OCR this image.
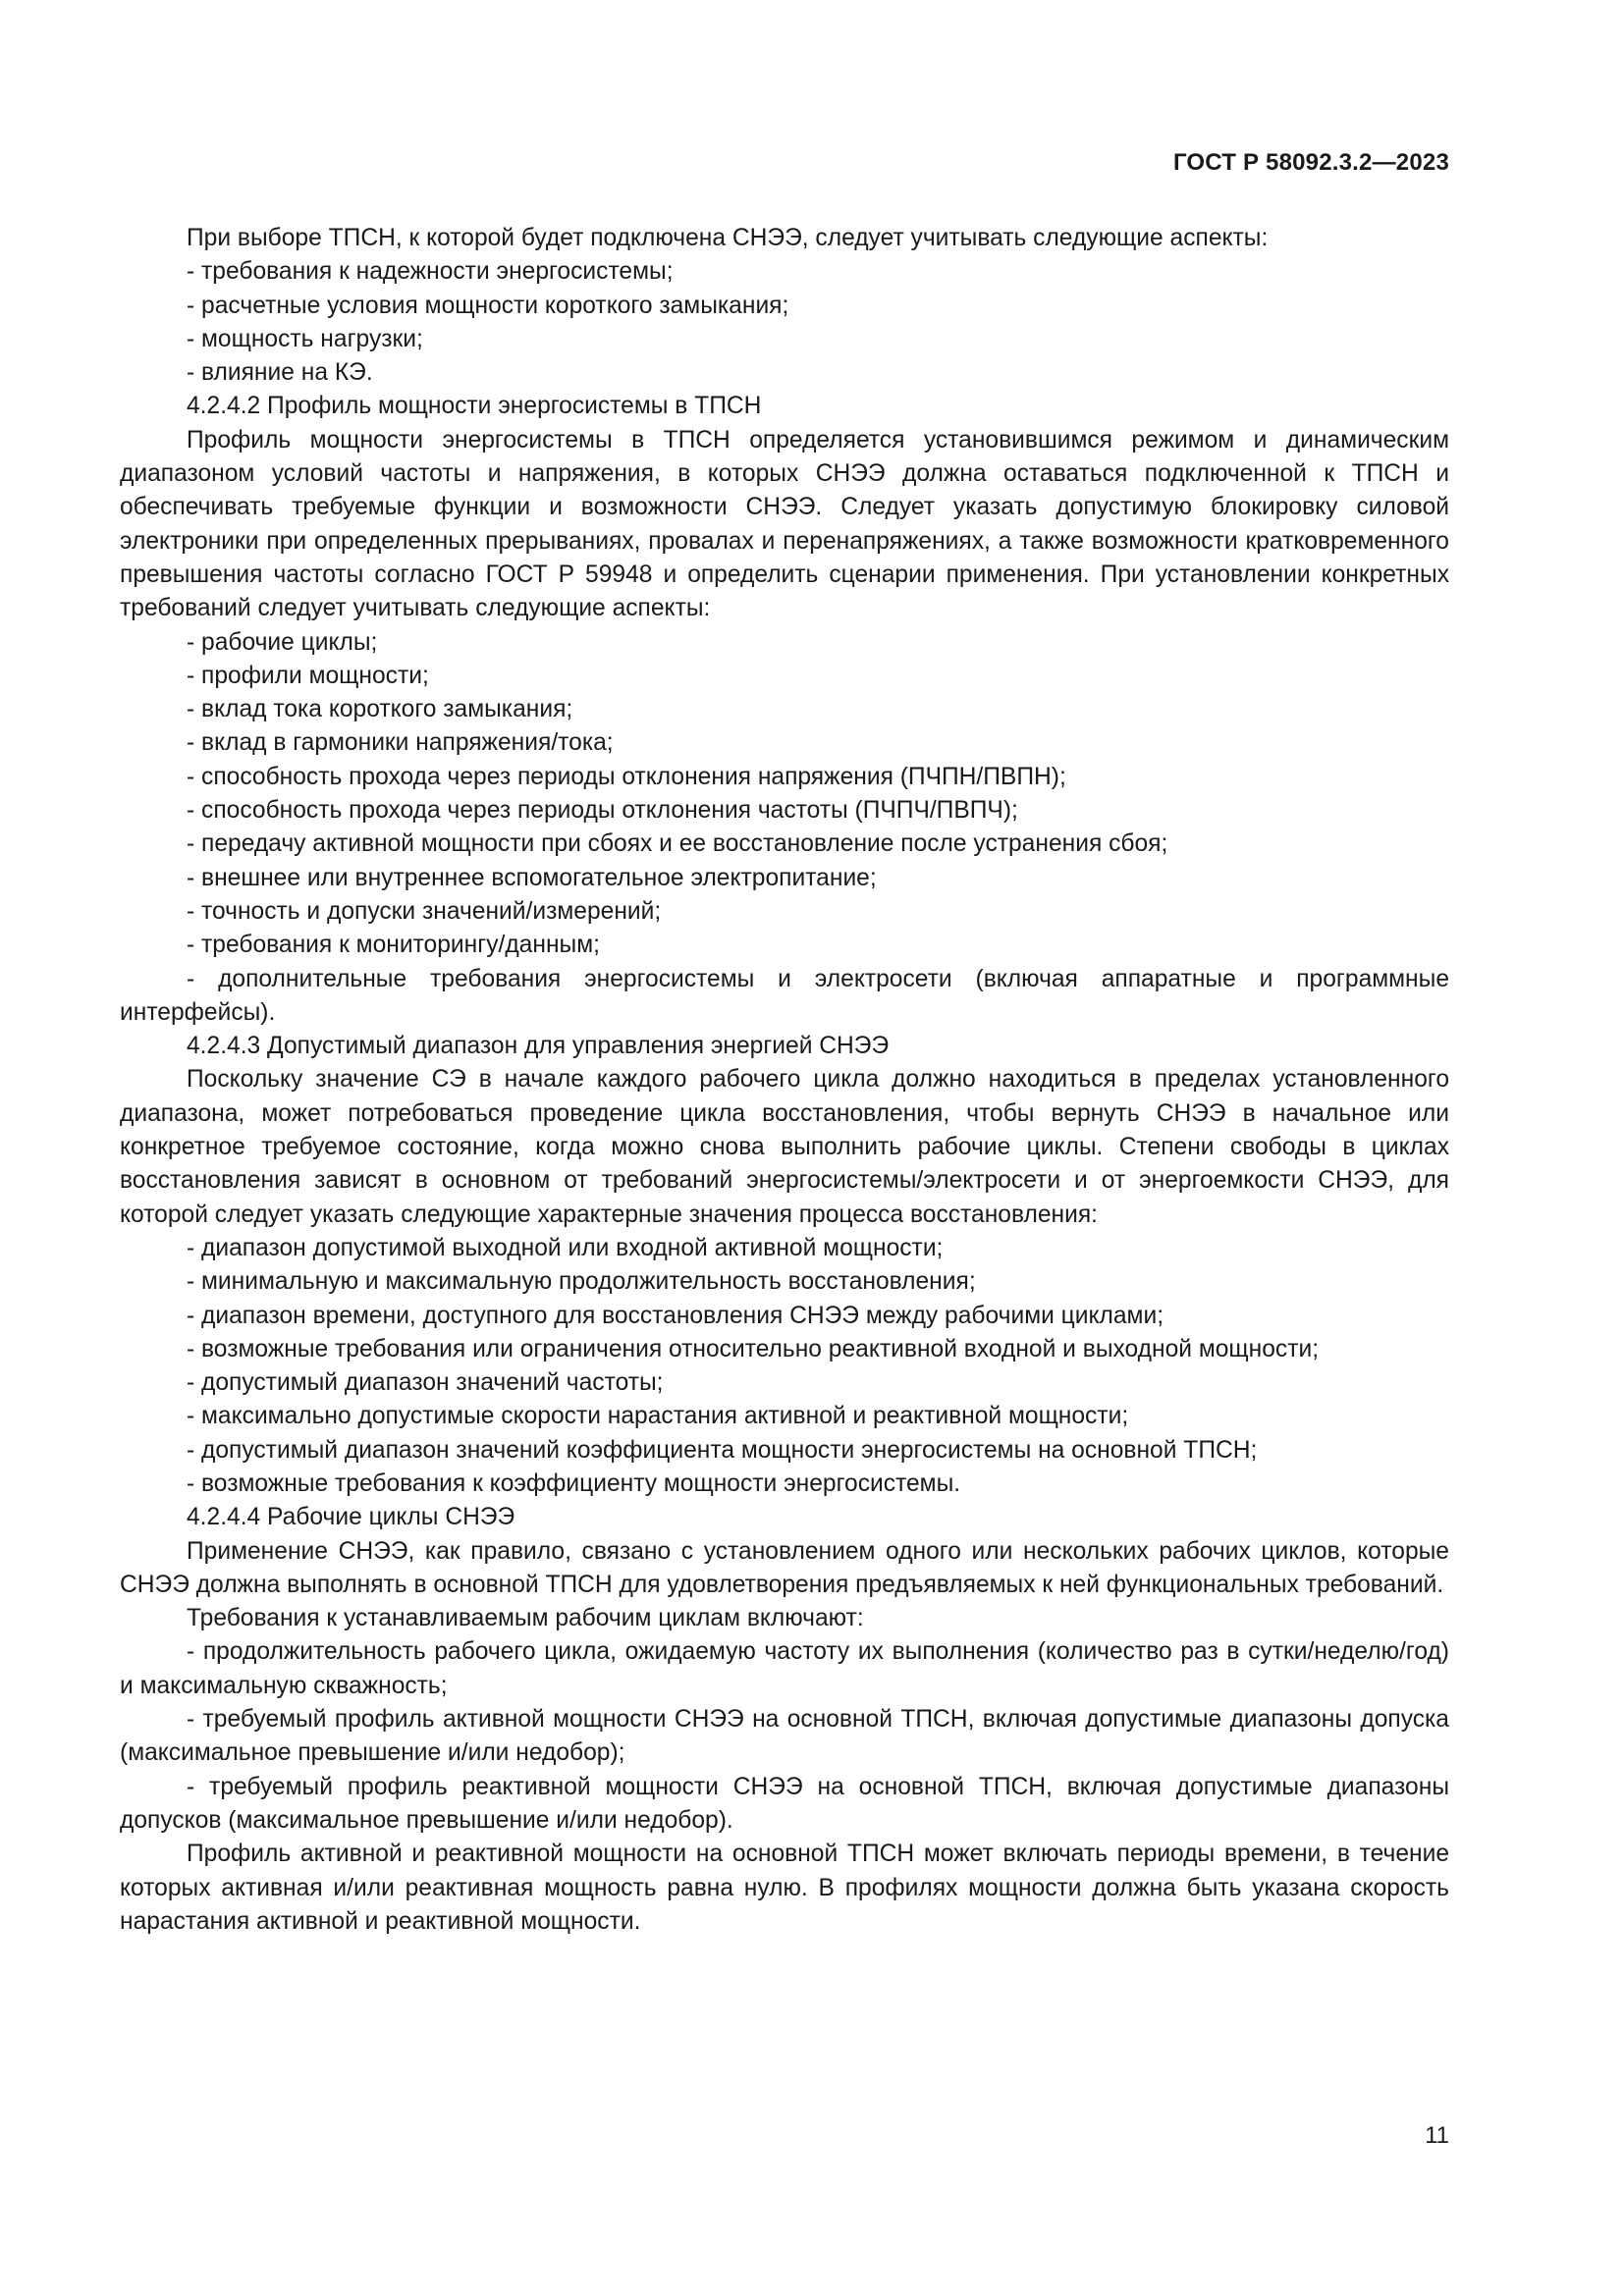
ГОСТ Р 58092.3.2—2023

При выборе ТПСН, к которой будет подключена СНЭЭ, следует учитывать следующие аспекты:

- требования к надежности энергосистемы;

- расчетные условия мощности короткого замыкания;

- мощность нагрузки;

- влияние на КЭ.

4.2.4.2 Профиль мощности энергосистемы в ТПСН

Профиль мощности энергосистемы в ТПСН определяется установившимся режимом и динамическим диапазоном условий частоты и напряжения, в которых СНЭЭ должна оставаться подключенной к ТПСН и обеспечивать требуемые функции и возможности СНЭЭ. Следует указать допустимую блокировку силовой электроники при определенных прерываниях, провалах и перенапряжениях, а также возможности кратковременного превышения частоты согласно ГОСТ Р 59948 и определить сценарии применения. При установлении конкретных требований следует учитывать следующие аспекты:

- рабочие циклы;

- профили мощности;

- вклад тока короткого замыкания;

- вклад в гармоники напряжения/тока;

- способность прохода через периоды отклонения напряжения (ПЧПН/ПВПН);

- способность прохода через периоды отклонения частоты (ПЧПЧ/ПВПЧ);

- передачу активной мощности при сбоях и ее восстановление после устранения сбоя;

- внешнее или внутреннее вспомогательное электропитание;

- точность и допуски значений/измерений;

- требования к мониторингу/данным;

- дополнительные требования энергосистемы и электросети (включая аппаратные и программные интерфейсы).

4.2.4.3 Допустимый диапазон для управления энергией СНЭЭ

Поскольку значение СЭ в начале каждого рабочего цикла должно находиться в пределах установленного диапазона, может потребоваться проведение цикла восстановления, чтобы вернуть СНЭЭ в начальное или конкретное требуемое состояние, когда можно снова выполнить рабочие циклы. Степени свободы в циклах восстановления зависят в основном от требований энергосистемы/электросети и от энергоемкости СНЭЭ, для которой следует указать следующие характерные значения процесса восстановления:

- диапазон допустимой выходной или входной активной мощности;

- минимальную и максимальную продолжительность восстановления;

- диапазон времени, доступного для восстановления СНЭЭ между рабочими циклами;

- возможные требования или ограничения относительно реактивной входной и выходной мощности;

- допустимый диапазон значений частоты;

- максимально допустимые скорости нарастания активной и реактивной мощности;

- допустимый диапазон значений коэффициента мощности энергосистемы на основной ТПСН;

- возможные требования к коэффициенту мощности энергосистемы.

4.2.4.4 Рабочие циклы СНЭЭ

Применение СНЭЭ, как правило, связано с установлением одного или нескольких рабочих циклов, которые СНЭЭ должна выполнять в основной ТПСН для удовлетворения предъявляемых к ней функциональных требований.

Требования к устанавливаемым рабочим циклам включают:

- продолжительность рабочего цикла, ожидаемую частоту их выполнения (количество раз в сутки/неделю/год) и максимальную скважность;

- требуемый профиль активной мощности СНЭЭ на основной ТПСН, включая допустимые диапазоны допуска (максимальное превышение и/или недобор);

- требуемый профиль реактивной мощности СНЭЭ на основной ТПСН, включая допустимые диапазоны допусков (максимальное превышение и/или недобор).

Профиль активной и реактивной мощности на основной ТПСН может включать периоды времени, в течение которых активная и/или реактивная мощность равна нулю. В профилях мощности должна быть указана скорость нарастания активной и реактивной мощности.

11
